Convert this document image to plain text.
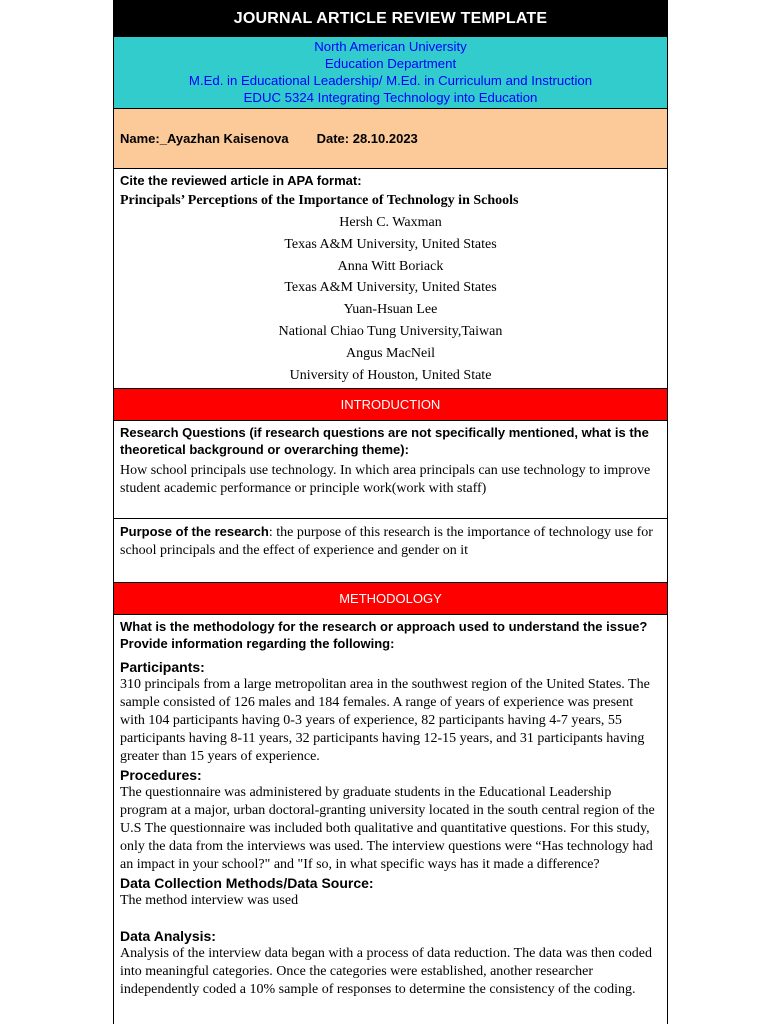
JOURNAL ARTICLE REVIEW TEMPLATE
North American University
Education Department
M.Ed. in Educational Leadership/ M.Ed. in Curriculum and Instruction
EDUC 5324 Integrating Technology into Education
Name:_Ayazhan Kaisenova Date: 28.10.2023
Cite the reviewed article in APA format:
Principals’ Perceptions of the Importance of Technology in Schools
Hersh C. Waxman
Texas A&M University, United States
Anna Witt Boriack
Texas A&M University, United States
Yuan-Hsuan Lee
National Chiao Tung University,Taiwan
Angus MacNeil
University of Houston, United State
INTRODUCTION
Research Questions (if research questions are not specifically mentioned, what is the theoretical background or overarching theme):
How school principals use technology. In which area principals can use technology to improve student academic performance or principle work(work with staff)
Purpose of the research: the purpose of this research is the importance of technology use for school principals and the effect of experience and gender on it
METHODOLOGY
What is the methodology for the research or approach used to understand the issue?Provide information regarding the following:
Participants:
310 principals from a large metropolitan area in the southwest region of the United States. The sample consisted of 126 males and 184 females. A range of years of experience was present with 104 participants having 0-3 years of experience, 82 participants having 4-7 years, 55 participants having 8-11 years, 32 participants having 12-15 years, and 31 participants having greater than 15 years of experience.
Procedures:
The questionnaire was administered by graduate students in the Educational Leadership program at a major, urban doctoral-granting university located in the south central region of the U.S The questionnaire was included both qualitative and quantitative questions. For this study, only the data from the interviews was used. The interview questions were “Has technology had an impact in your school?" and "If so, in what specific ways has it made a difference?
Data Collection Methods/Data Source:
The method interview was used
Data Analysis:
Analysis of the interview data began with a process of data reduction. The data was then coded into meaningful categories. Once the categories were established, another researcher independently coded a 10% sample of responses to determine the consistency of the coding.
